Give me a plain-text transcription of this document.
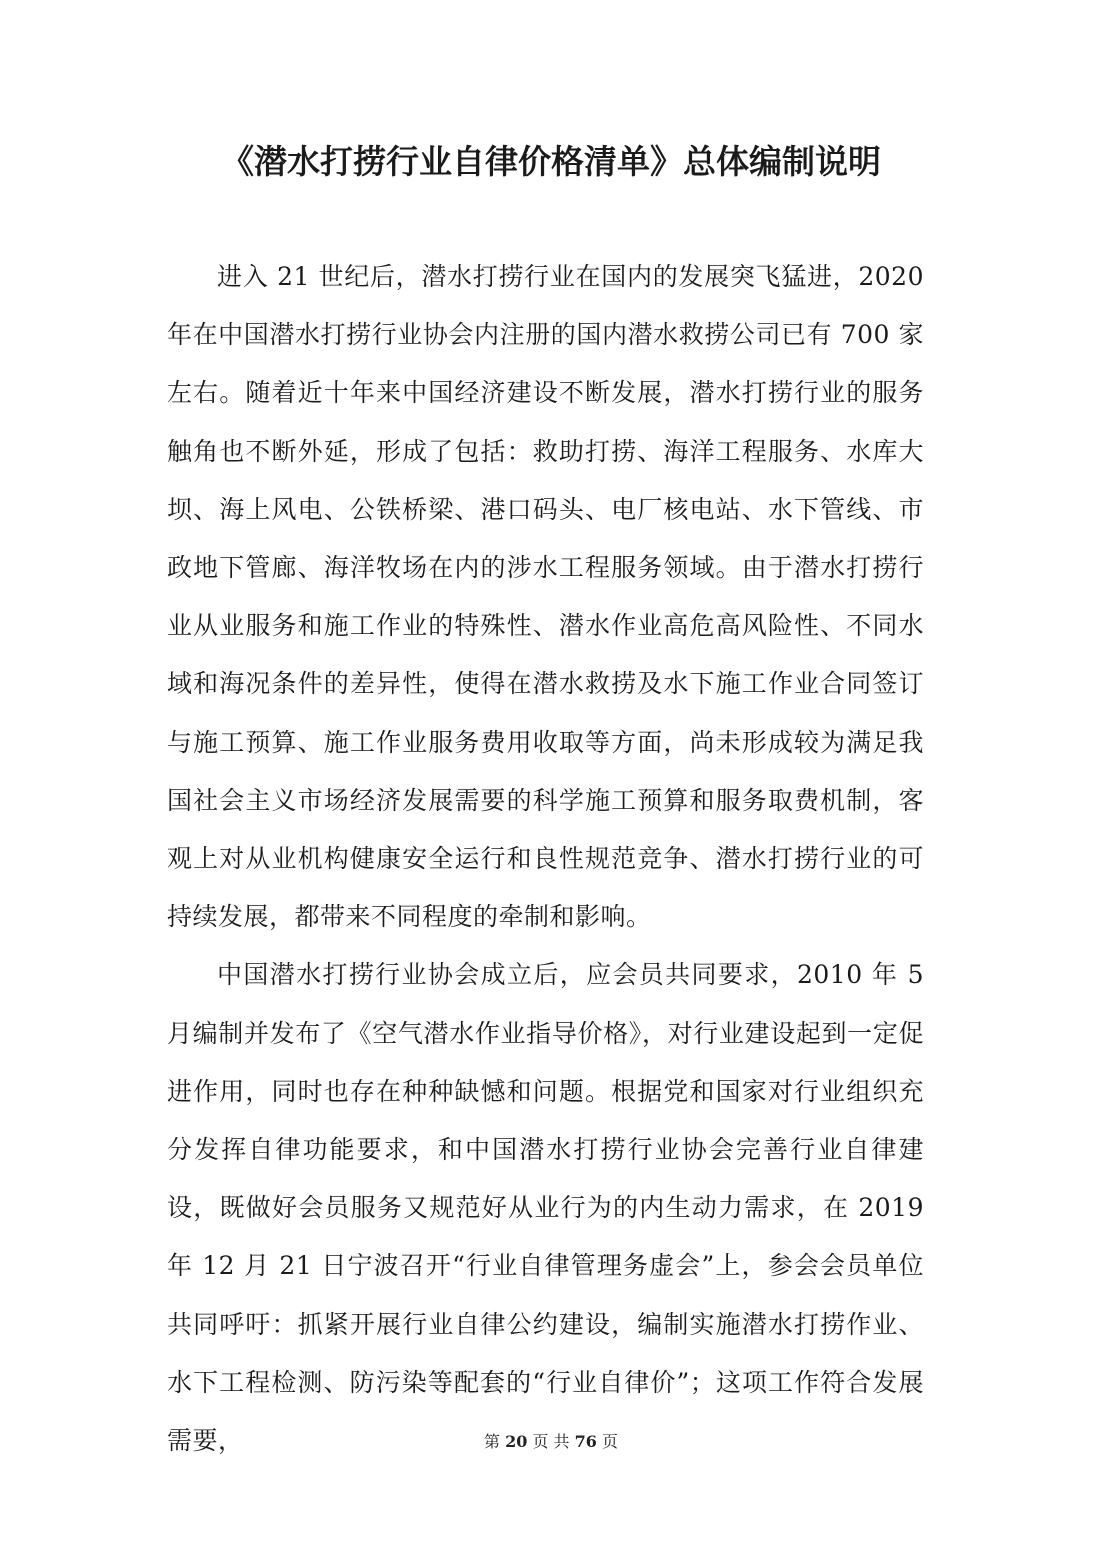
《潜水打捞行业自律价格清单》总体编制说明

进入 21 世纪后，潜水打捞行业在国内的发展突飞猛进，2020 年在中国潜水打捞行业协会内注册的国内潜水救捞公司已有 700 家左右。随着近十年来中国经济建设不断发展，潜水打捞行业的服务触角也不断外延，形成了包括：救助打捞、海洋工程服务、水库大坝、海上风电、公铁桥梁、港口码头、电厂核电站、水下管线、市政地下管廊、海洋牧场在内的涉水工程服务领域。由于潜水打捞行业从业服务和施工作业的特殊性、潜水作业高危高风险性、不同水域和海况条件的差异性，使得在潜水救捞及水下施工作业合同签订与施工预算、施工作业服务费用收取等方面，尚未形成较为满足我国社会主义市场经济发展需要的科学施工预算和服务取费机制，客观上对从业机构健康安全运行和良性规范竞争、潜水打捞行业的可持续发展，都带来不同程度的牵制和影响。

中国潜水打捞行业协会成立后，应会员共同要求，2010 年 5 月编制并发布了《空气潜水作业指导价格》，对行业建设起到一定促进作用，同时也存在种种缺憾和问题。根据党和国家对行业组织充分发挥自律功能要求，和中国潜水打捞行业协会完善行业自律建设，既做好会员服务又规范好从业行为的内生动力需求，在 2019 年 12 月 21 日宁波召开“行业自律管理务虚会”上，参会会员单位共同呼吁：抓紧开展行业自律公约建设，编制实施潜水打捞作业、水下工程检测、防污染等配套的“行业自律价”；这项工作符合发展需要，	第 20 页 共 76 页
